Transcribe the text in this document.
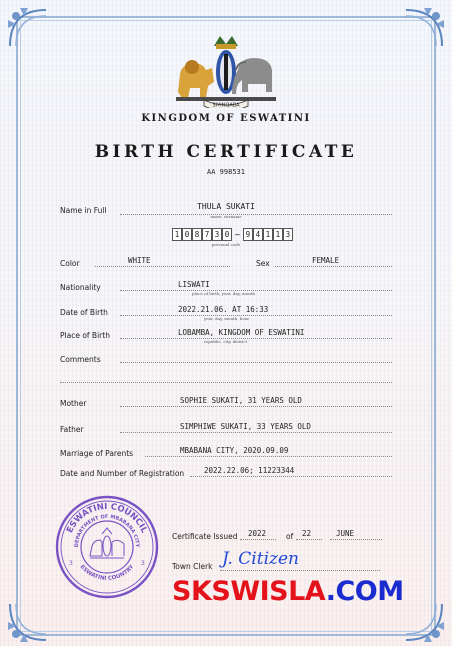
SIYINQABA
KINGDOM OF ESWATINI
BIRTH CERTIFICATE
AA 998531
Name in Full	THULA SUKATI
name, surname
1 0 8 7 3 0 – 9 4 1 1 3
personal code
Color	WHITE	Sex	FEMALE
Nationality	LISWATI
place of birth, year, day, month
Date of Birth	2022.21.06. AT 16:33
year, day, month, hour
Place of Birth	LOBAMBA, KINGDOM OF ESWATINI
republic, city, district
Comments
Mother	SOPHIE SUKATI, 31 YEARS OLD
Father	SIMPHIWE SUKATI, 33 YEARS OLD
Marriage of Parents	MBABANA CITY, 2020.09.09
Date and Number of Registration	2022.22.06; 11223344
ESWATINI COUNCIL
DEPARTMENT OF MBABANA CITY
ESWATINI COUNTRY
3	3
Certificate Issued 2022	of 22	JUNE
Town Clerk J. Citizen
SKSWISLA.COM
